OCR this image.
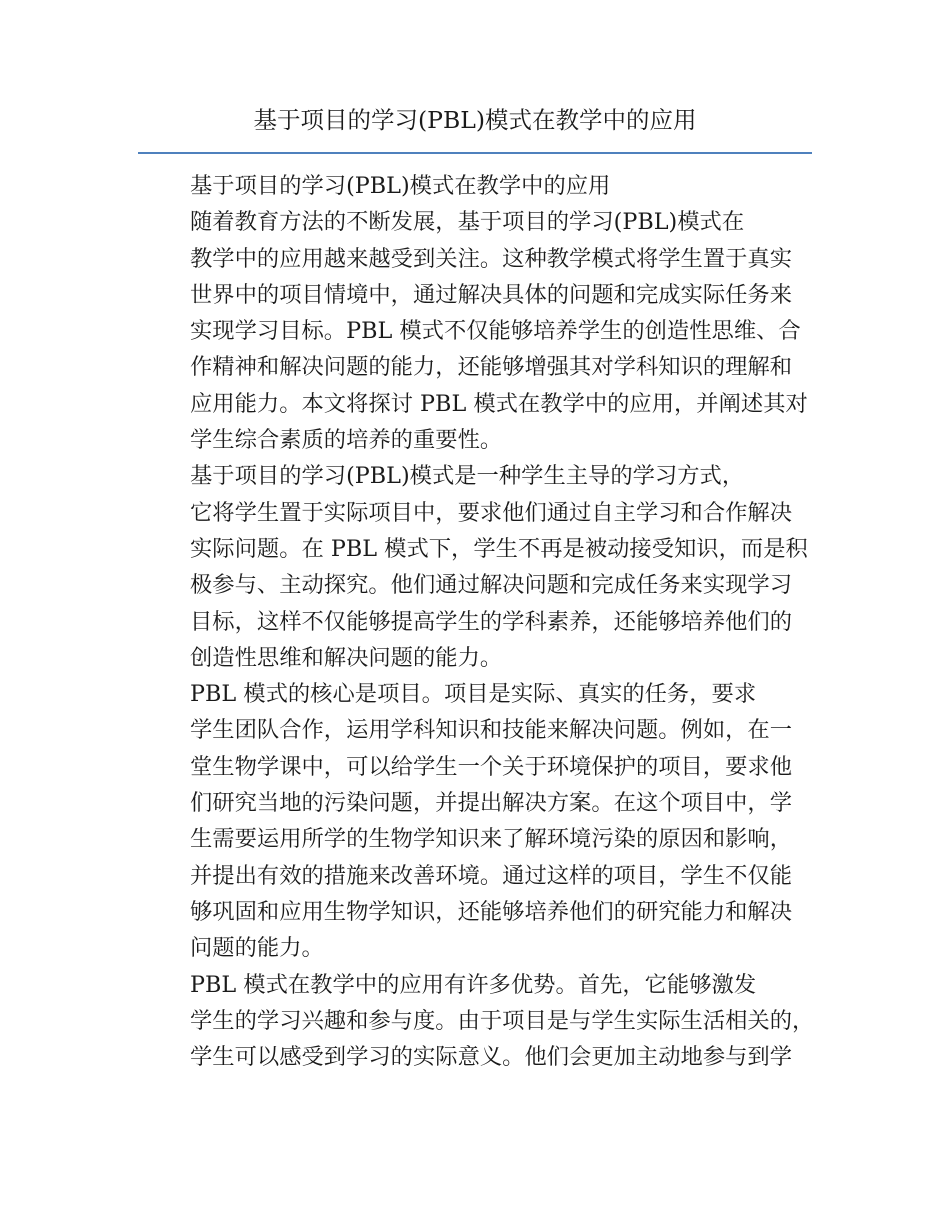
基于项目的学习(PBL)模式在教学中的应用

基于项目的学习(PBL)模式在教学中的应用

随着教育方法的不断发展，基于项目的学习(PBL)模式在
教学中的应用越来越受到关注。这种教学模式将学生置于真实
世界中的项目情境中，通过解决具体的问题和完成实际任务来
实现学习目标。PBL 模式不仅能够培养学生的创造性思维、合
作精神和解决问题的能力，还能够增强其对学科知识的理解和
应用能力。本文将探讨 PBL 模式在教学中的应用，并阐述其对
学生综合素质的培养的重要性。

基于项目的学习(PBL)模式是一种学生主导的学习方式，
它将学生置于实际项目中，要求他们通过自主学习和合作解决
实际问题。在 PBL 模式下，学生不再是被动接受知识，而是积
极参与、主动探究。他们通过解决问题和完成任务来实现学习
目标，这样不仅能够提高学生的学科素养，还能够培养他们的
创造性思维和解决问题的能力。

PBL 模式的核心是项目。项目是实际、真实的任务，要求
学生团队合作，运用学科知识和技能来解决问题。例如，在一
堂生物学课中，可以给学生一个关于环境保护的项目，要求他
们研究当地的污染问题，并提出解决方案。在这个项目中，学
生需要运用所学的生物学知识来了解环境污染的原因和影响，
并提出有效的措施来改善环境。通过这样的项目，学生不仅能
够巩固和应用生物学知识，还能够培养他们的研究能力和解决
问题的能力。

PBL 模式在教学中的应用有许多优势。首先，它能够激发
学生的学习兴趣和参与度。由于项目是与学生实际生活相关的，
学生可以感受到学习的实际意义。他们会更加主动地参与到学
